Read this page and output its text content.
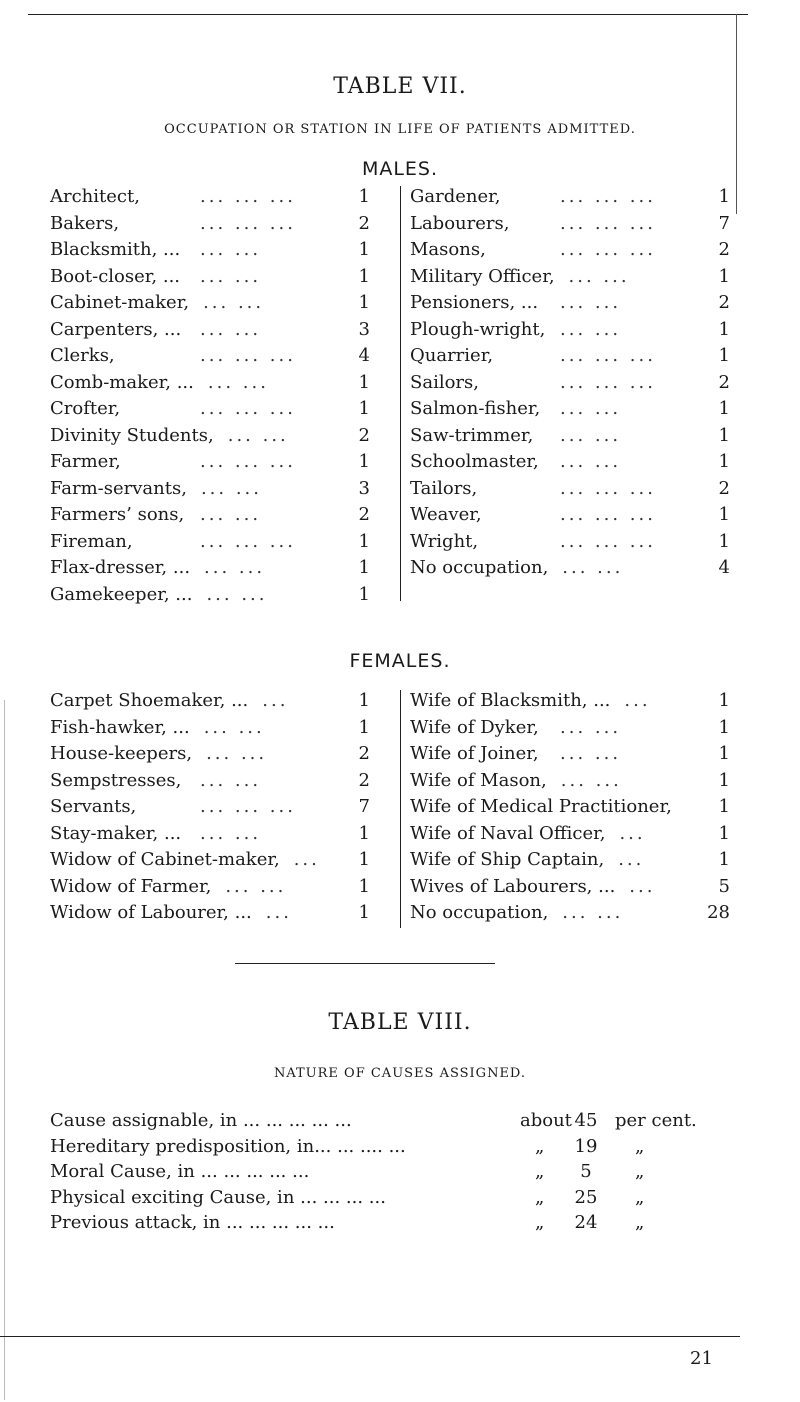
TABLE VII.
OCCUPATION OR STATION IN LIFE OF PATIENTS ADMITTED.
MALES.
Architect,	... ... ...	1
Bakers,	... ... ...	2
Blacksmith, ... ... ...	1
Boot-closer, ... ... ...	1
Cabinet-maker, ... ...	1
Carpenters, ... ... ...	3
Clerks,	... ... ...	4
Comb-maker, ... ... ...	1
Crofter,	... ... ...	1
Divinity Students, ... ...	2
Farmer,	... ... ...	1
Farm-servants, ... ...	3
Farmers’ sons, ... ...	2
Fireman,	... ... ...	1
Flax-dresser, ... ... ...	1
Gamekeeper, ... ... ...	1
Gardener,	... ... ...	1
Labourers,	... ... ...	7
Masons,	... ... ...	2
Military Officer, ... ...	1
Pensioners, ... ... ...	2
Plough-wright, ... ...	1
Quarrier,	... ... ...	1
Sailors,	... ... ...	2
Salmon-fisher, ... ...	1
Saw-trimmer, ... ...	1
Schoolmaster, ... ...	1
Tailors,	... ... ...	2
Weaver,	... ... ...	1
Wright,	... ... ...	1
No occupation, ... ...	4
FEMALES.
Carpet Shoemaker, ... ...	1
Fish-hawker, ... ... ...	1
House-keepers, ... ...	2
Sempstresses, ... ...	2
Servants,	... ... ...	7
Stay-maker, ... ... ...	1
Widow of Cabinet-maker, ...	1
Widow of Farmer, ... ...	1
Widow of Labourer, ... ...	1
Wife of Blacksmith, ... ...	1
Wife of Dyker, ... ...	1
Wife of Joiner, ... ...	1
Wife of Mason, ... ...	1
Wife of Medical Practitioner,	1
Wife of Naval Officer, ...	1
Wife of Ship Captain, ...	1
Wives of Labourers, ... ...	5
No occupation, ... ...	28
TABLE VIII.
NATURE OF CAUSES ASSIGNED.
Cause assignable, in ... ... ... ... ...	about 45 per cent.
Hereditary predisposition, in... ... .... ...	„	19	„
Moral Cause, in ... ... ... ... ...	„	5	„
Physical exciting Cause, in ... ... ... ...	„	25	„
Previous attack, in ... ... ... ... ...	„	24	„
21
